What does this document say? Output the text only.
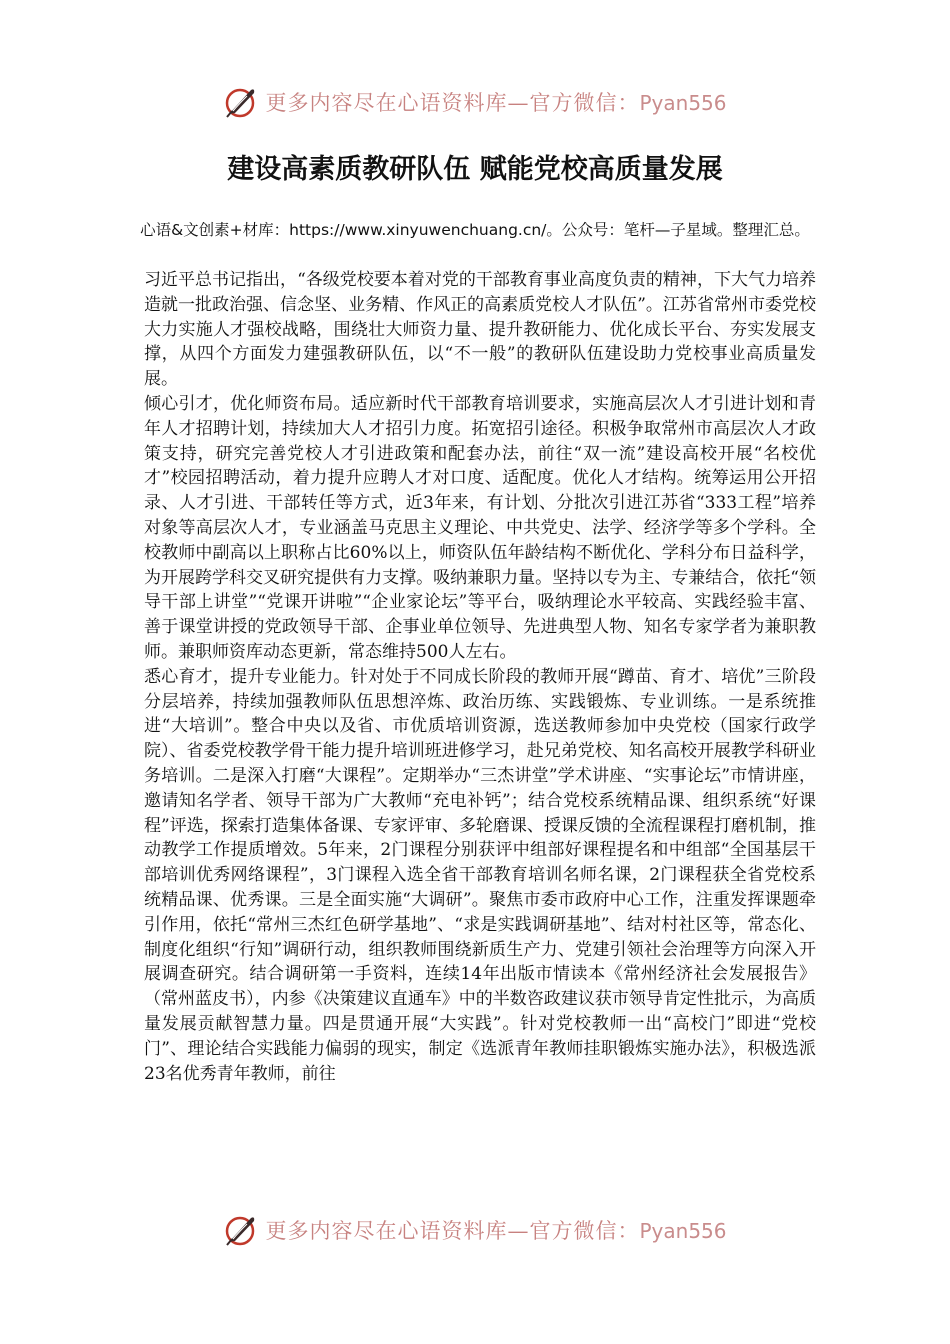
更多内容尽在心语资料库—官方微信：Pyan556
建设高素质教研队伍 赋能党校高质量发展

心语&文创素+材库：https://www.xinyuwenchuang.cn/。公众号：笔杆—子星域。整理汇总。

习近平总书记指出，“各级党校要本着对党的干部教育事业高度负责的精神，下大气力培养造就一批政治强、信念坚、业务精、作风正的高素质党校人才队伍”。江苏省常州市委党校大力实施人才强校战略，围绕壮大师资力量、提升教研能力、优化成长平台、夯实发展支撑，从四个方面发力建强教研队伍，以“不一般”的教研队伍建设助力党校事业高质量发展。

倾心引才，优化师资布局。适应新时代干部教育培训要求，实施高层次人才引进计划和青年人才招聘计划，持续加大人才招引力度。拓宽招引途径。积极争取常州市高层次人才政策支持，研究完善党校人才引进政策和配套办法，前往“双一流”建设高校开展“名校优才”校园招聘活动，着力提升应聘人才对口度、适配度。优化人才结构。统筹运用公开招录、人才引进、干部转任等方式，近3年来，有计划、分批次引进江苏省“333工程”培养对象等高层次人才，专业涵盖马克思主义理论、中共党史、法学、经济学等多个学科。全校教师中副高以上职称占比60%以上，师资队伍年龄结构不断优化、学科分布日益科学，为开展跨学科交叉研究提供有力支撑。吸纳兼职力量。坚持以专为主、专兼结合，依托“领导干部上讲堂”“党课开讲啦”“企业家论坛”等平台，吸纳理论水平较高、实践经验丰富、善于课堂讲授的党政领导干部、企事业单位领导、先进典型人物、知名专家学者为兼职教师。兼职师资库动态更新，常态维持500人左右。

悉心育才，提升专业能力。针对处于不同成长阶段的教师开展“蹲苗、育才、培优”三阶段分层培养，持续加强教师队伍思想淬炼、政治历练、实践锻炼、专业训练。一是系统推进“大培训”。整合中央以及省、市优质培训资源，选送教师参加中央党校（国家行政学院）、省委党校教学骨干能力提升培训班进修学习，赴兄弟党校、知名高校开展教学科研业务培训。二是深入打磨“大课程”。定期举办“三杰讲堂”学术讲座、“实事论坛”市情讲座，邀请知名学者、领导干部为广大教师“充电补钙”；结合党校系统精品课、组织系统“好课程”评选，探索打造集体备课、专家评审、多轮磨课、授课反馈的全流程课程打磨机制，推动教学工作提质增效。5年来，2门课程分别获评中组部好课程提名和中组部“全国基层干部培训优秀网络课程”，3门课程入选全省干部教育培训名师名课，2门课程获全省党校系统精品课、优秀课。三是全面实施“大调研”。聚焦市委市政府中心工作，注重发挥课题牵引作用，依托“常州三杰红色研学基地”、“求是实践调研基地”、结对村社区等，常态化、制度化组织“行知”调研行动，组织教师围绕新质生产力、党建引领社会治理等方向深入开展调查研究。结合调研第一手资料，连续14年出版市情读本《常州经济社会发展报告》（常州蓝皮书），内参《决策建议直通车》中的半数咨政建议获市领导肯定性批示，为高质量发展贡献智慧力量。四是贯通开展“大实践”。针对党校教师一出“高校门”即进“党校门”、理论结合实践能力偏弱的现实，制定《选派青年教师挂职锻炼实施办法》，积极选派23名优秀青年教师，前往

更多内容尽在心语资料库—官方微信：Pyan556
